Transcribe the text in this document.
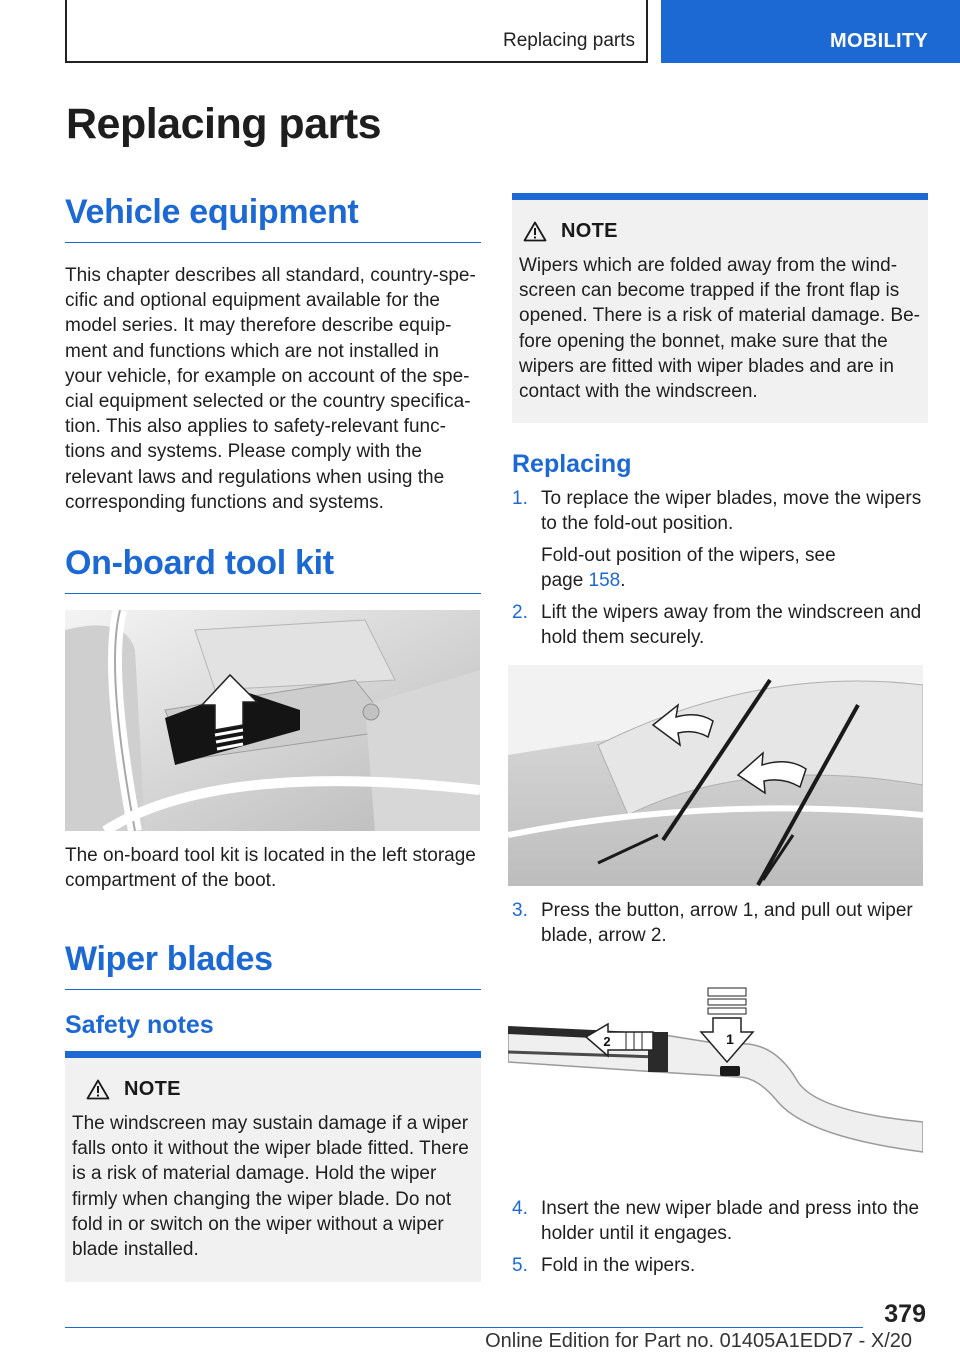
Replacing parts	MOBILITY
Replacing parts
Vehicle equipment
This chapter describes all standard, country-spe-
cific and optional equipment available for the
model series. It may therefore describe equip-
ment and functions which are not installed in
your vehicle, for example on account of the spe-
cial equipment selected or the country specifica-
tion. This also applies to safety-relevant func-
tions and systems. Please comply with the
relevant laws and regulations when using the
corresponding functions and systems.
On-board tool kit
The on-board tool kit is located in the left storage
compartment of the boot.
Wiper blades
Safety notes
NOTE
The windscreen may sustain damage if a wiper
falls onto it without the wiper blade fitted. There
is a risk of material damage. Hold the wiper
firmly when changing the wiper blade. Do not
fold in or switch on the wiper without a wiper
blade installed.
NOTE
Wipers which are folded away from the wind-
screen can become trapped if the front flap is
opened. There is a risk of material damage. Be-
fore opening the bonnet, make sure that the
wipers are fitted with wiper blades and are in
contact with the windscreen.
Replacing
1. To replace the wiper blades, move the wipers
to the fold-out position.
Fold-out position of the wipers, see
page 158.
2. Lift the wipers away from the windscreen and
hold them securely.
3. Press the button, arrow 1, and pull out wiper
blade, arrow 2.
1
2
4. Insert the new wiper blade and press into the
holder until it engages.
5. Fold in the wipers.
379
Online Edition for Part no. 01405A1EDD7 - X/20
